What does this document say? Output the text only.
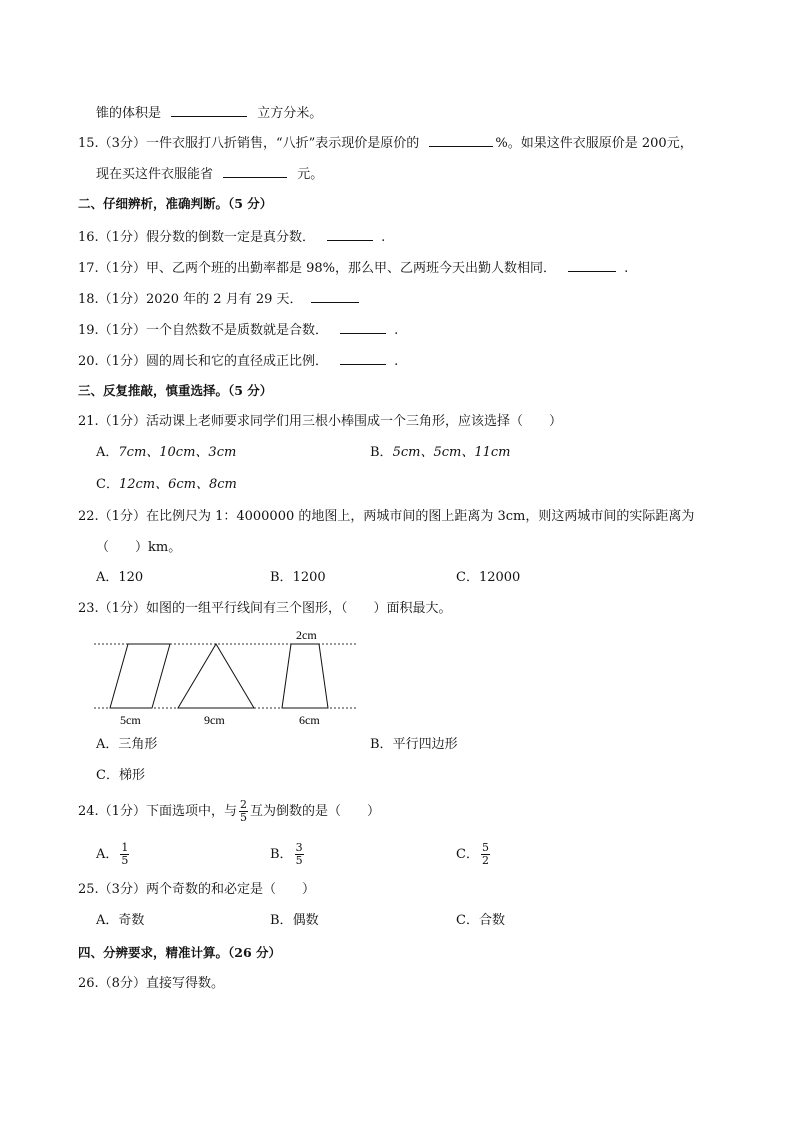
锥的体积是	立方分米。
15.（3分）一件衣服打八折销售，“八折”表示现价是原价的	%。如果这件衣服原价是 200元，
现在买这件衣服能省	元。
二、仔细辨析，准确判断。（5 分）
16.（1分）假分数的倒数一定是真分数．	.
17.（1分）甲、乙两个班的出勤率都是 98%，那么甲、乙两班今天出勤人数相同．	.
18.（1分）2020 年的 2 月有 29 天．
19.（1分）一个自然数不是质数就是合数．	.
20.（1分）圆的周长和它的直径成正比例．	.
三、反复推敲，慎重选择。（5 分）
21.（1分）活动课上老师要求同学们用三根小棒围成一个三角形，应该选择（　　）
A．7cm、10cm、3cm	B．5cm、5cm、11cm
C．12cm、6cm、8cm
22.（1分）在比例尺为 1：4000000 的地图上，两城市间的图上距离为 3cm，则这两城市间的实际距离为
（　　）km。
A．120	B．1200	C．12000
23.（1分）如图的一组平行线间有三个图形，（　　）面积最大。
2cm
5cm	9cm	6cm
A．三角形	B．平行四边形
C．梯形
24.（1分）下面选项中，与 $\frac{2}{5}$ 互为倒数的是（　　）
A． $\frac{1}{5}$	B． $\frac{3}{5}$	C． $\frac{5}{2}$
25.（3分）两个奇数的和必定是（　　）
A．奇数	B．偶数	C．合数
四、分辨要求，精准计算。（26 分）
26.（8分）直接写得数。
